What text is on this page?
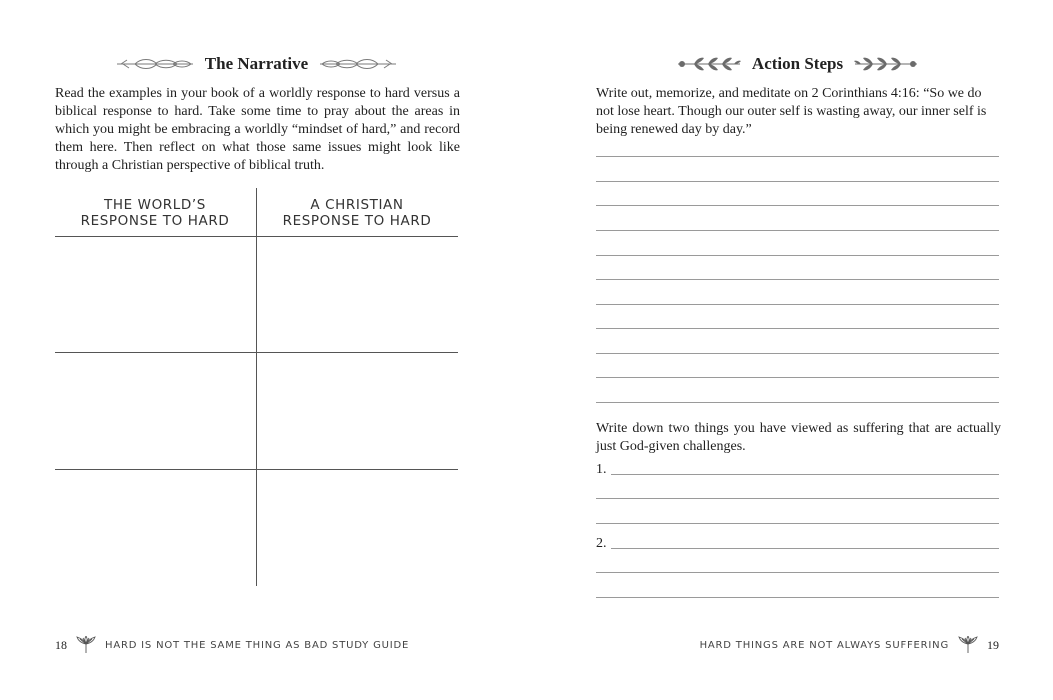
The Narrative

Read the examples in your book of a worldly response to hard versus a biblical response to hard. Take some time to pray about the areas in which you might be embracing a worldly “mindset of hard,” and record them here. Then reflect on what those same issues might look like through a Christian perspective of biblical truth.

THE WORLD’S
RESPONSE TO HARD
A CHRISTIAN
RESPONSE TO HARD
18	HARD IS NOT THE SAME THING AS BAD STUDY GUIDE
Action Steps

Write out, memorize, and meditate on 2 Corinthians 4:16: “So we do not lose heart. Though our outer self is wasting away, our inner self is being renewed day by day.”

Write down two things you have viewed as suffering that are actually just God-given challenges.

1.
2.
HARD THINGS ARE NOT ALWAYS SUFFERING	19
